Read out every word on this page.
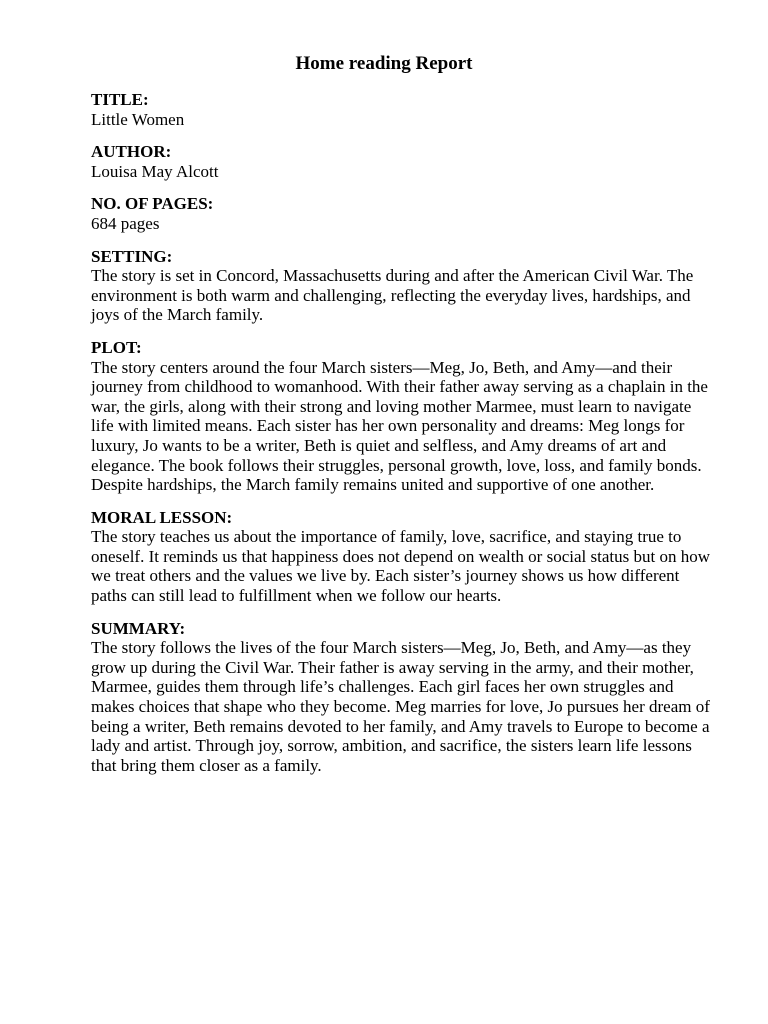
Home reading Report

TITLE:

Little Women

AUTHOR:

Louisa May Alcott

NO. OF PAGES:

684 pages

SETTING:

The story is set in Concord, Massachusetts during and after the American Civil War. The environment is both warm and challenging, reflecting the everyday lives, hardships, and joys of the March family.

PLOT:

The story centers around the four March sisters—Meg, Jo, Beth, and Amy—and their journey from childhood to womanhood. With their father away serving as a chaplain in the war, the girls, along with their strong and loving mother Marmee, must learn to navigate life with limited means. Each sister has her own personality and dreams: Meg longs for luxury, Jo wants to be a writer, Beth is quiet and selfless, and Amy dreams of art and elegance. The book follows their struggles, personal growth, love, loss, and family bonds. Despite hardships, the March family remains united and supportive of one another.

MORAL LESSON:

The story teaches us about the importance of family, love, sacrifice, and staying true to oneself. It reminds us that happiness does not depend on wealth or social status but on how we treat others and the values we live by. Each sister’s journey shows us how different paths can still lead to fulfillment when we follow our hearts.

SUMMARY:

The story follows the lives of the four March sisters—Meg, Jo, Beth, and Amy—as they grow up during the Civil War. Their father is away serving in the army, and their mother, Marmee, guides them through life’s challenges. Each girl faces her own struggles and makes choices that shape who they become. Meg marries for love, Jo pursues her dream of being a writer, Beth remains devoted to her family, and Amy travels to Europe to become a lady and artist. Through joy, sorrow, ambition, and sacrifice, the sisters learn life lessons that bring them closer as a family.
